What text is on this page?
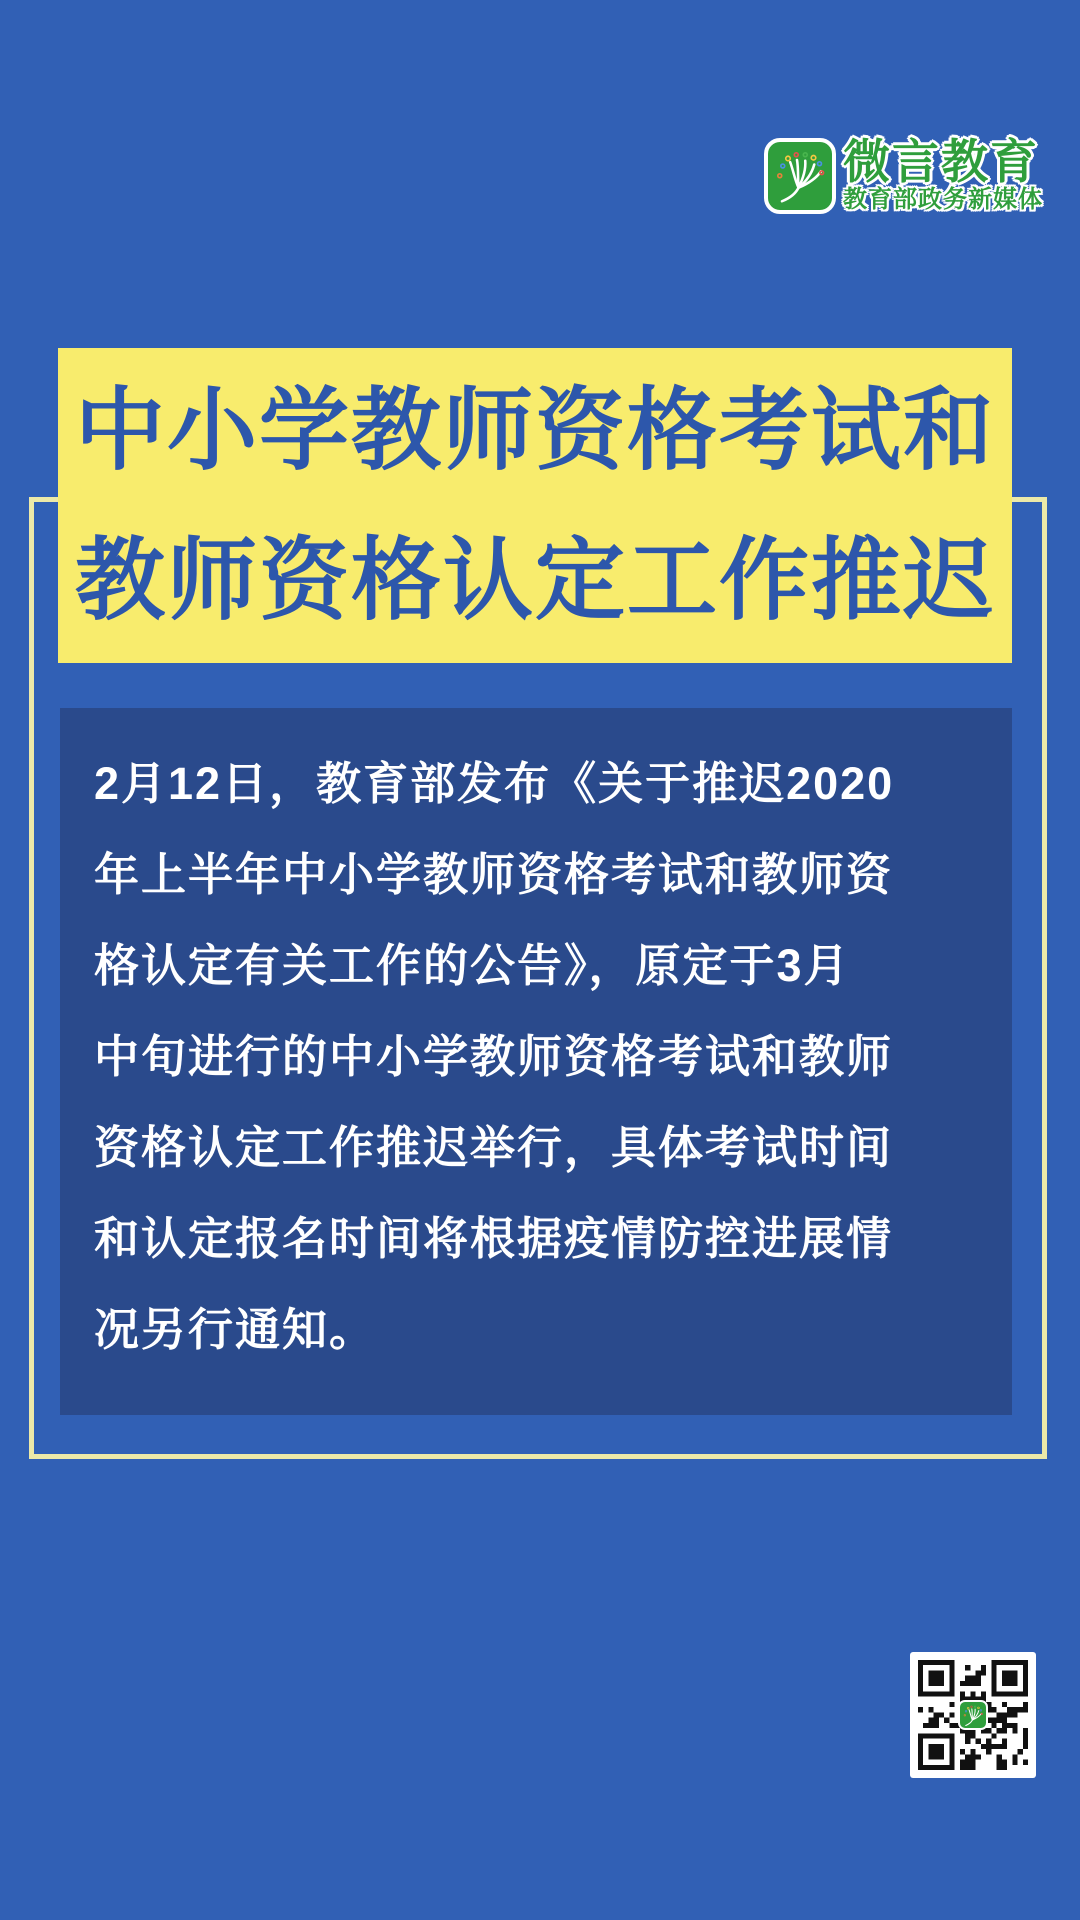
微言教育
教育部政务新媒体
中小学教师资格考试和
教师资格认定工作推迟
2月12日，教育部发布《关于推迟2020
年上半年中小学教师资格考试和教师资
格认定有关工作的公告》，原定于3月
中旬进行的中小学教师资格考试和教师
资格认定工作推迟举行，具体考试时间
和认定报名时间将根据疫情防控进展情
况另行通知。
